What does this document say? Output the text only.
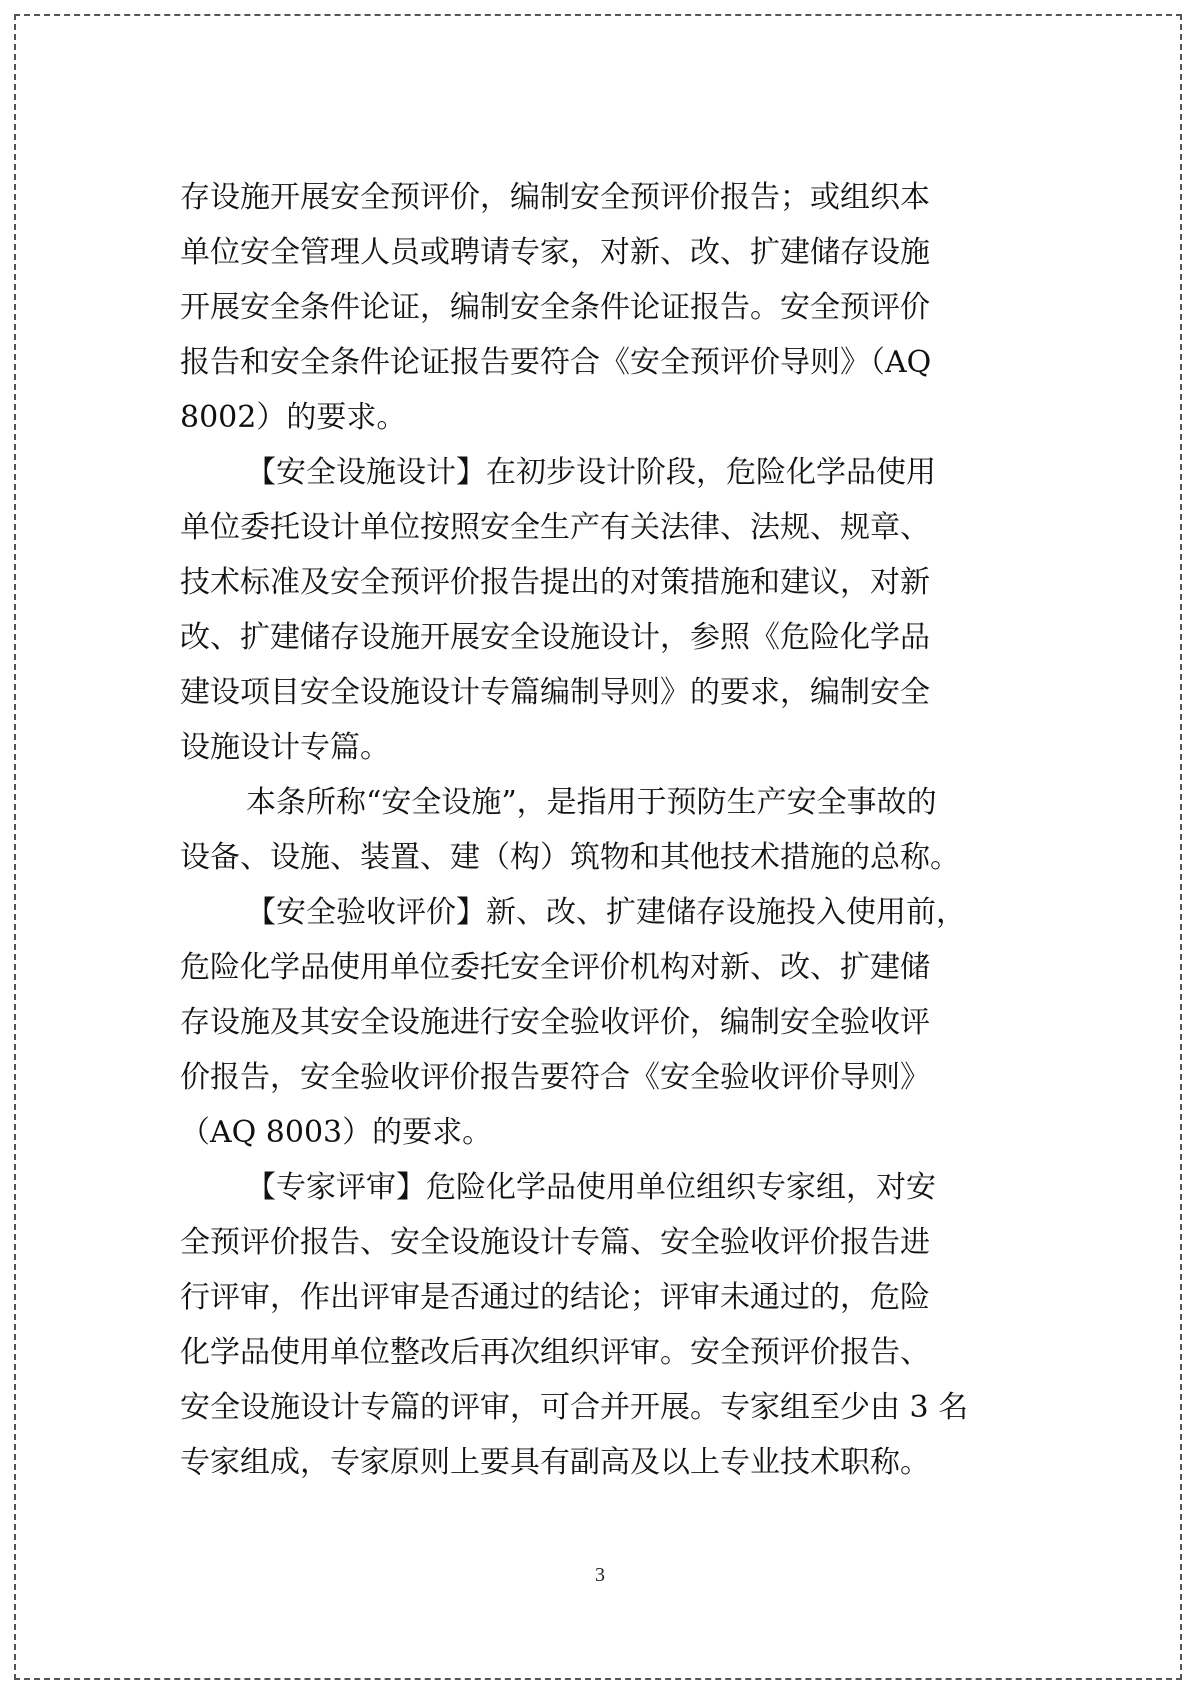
存设施开展安全预评价，编制安全预评价报告；或组织本
单位安全管理人员或聘请专家，对新、改、扩建储存设施
开展安全条件论证，编制安全条件论证报告。安全预评价
报告和安全条件论证报告要符合《安全预评价导则》（AQ
8002）的要求。
【安全设施设计】在初步设计阶段，危险化学品使用
单位委托设计单位按照安全生产有关法律、法规、规章、
技术标准及安全预评价报告提出的对策措施和建议，对新
改、扩建储存设施开展安全设施设计，参照《危险化学品
建设项目安全设施设计专篇编制导则》的要求，编制安全
设施设计专篇。
本条所称“安全设施”，是指用于预防生产安全事故的
设备、设施、装置、建（构）筑物和其他技术措施的总称。
【安全验收评价】新、改、扩建储存设施投入使用前，
危险化学品使用单位委托安全评价机构对新、改、扩建储
存设施及其安全设施进行安全验收评价，编制安全验收评
价报告，安全验收评价报告要符合《安全验收评价导则》
（AQ 8003）的要求。
【专家评审】危险化学品使用单位组织专家组，对安
全预评价报告、安全设施设计专篇、安全验收评价报告进
行评审，作出评审是否通过的结论；评审未通过的，危险
化学品使用单位整改后再次组织评审。安全预评价报告、
安全设施设计专篇的评审，可合并开展。专家组至少由 3 名
专家组成，专家原则上要具有副高及以上专业技术职称。
3
